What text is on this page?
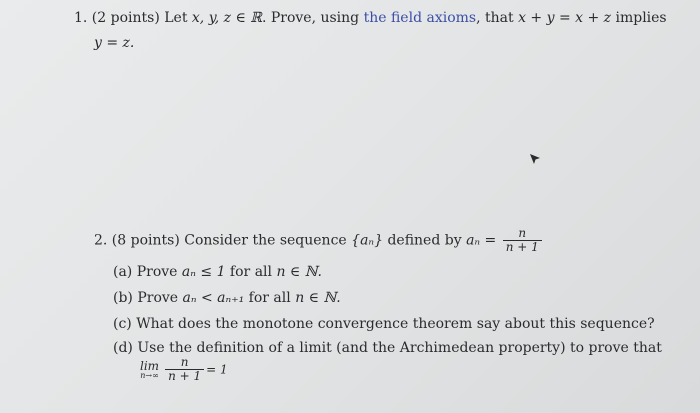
1. (2 points) Let x, y, z ∈ ℝ. Prove, using the field axioms, that x + y = x + z implies
y = z.
2. (8 points) Consider the sequence {aₙ} defined by $a_n = \frac{n}{n + 1}$
(a) Prove aₙ ≤ 1 for all n ∈ ℕ.
(b) Prove aₙ < aₙ₊₁ for all n ∈ ℕ.
(c) What does the monotone convergence theorem say about this sequence?
(d) Use the definition of a limit (and the Archimedean property) to prove that
lim
$n\to\infty \frac{n}{n + 1} = 1$
